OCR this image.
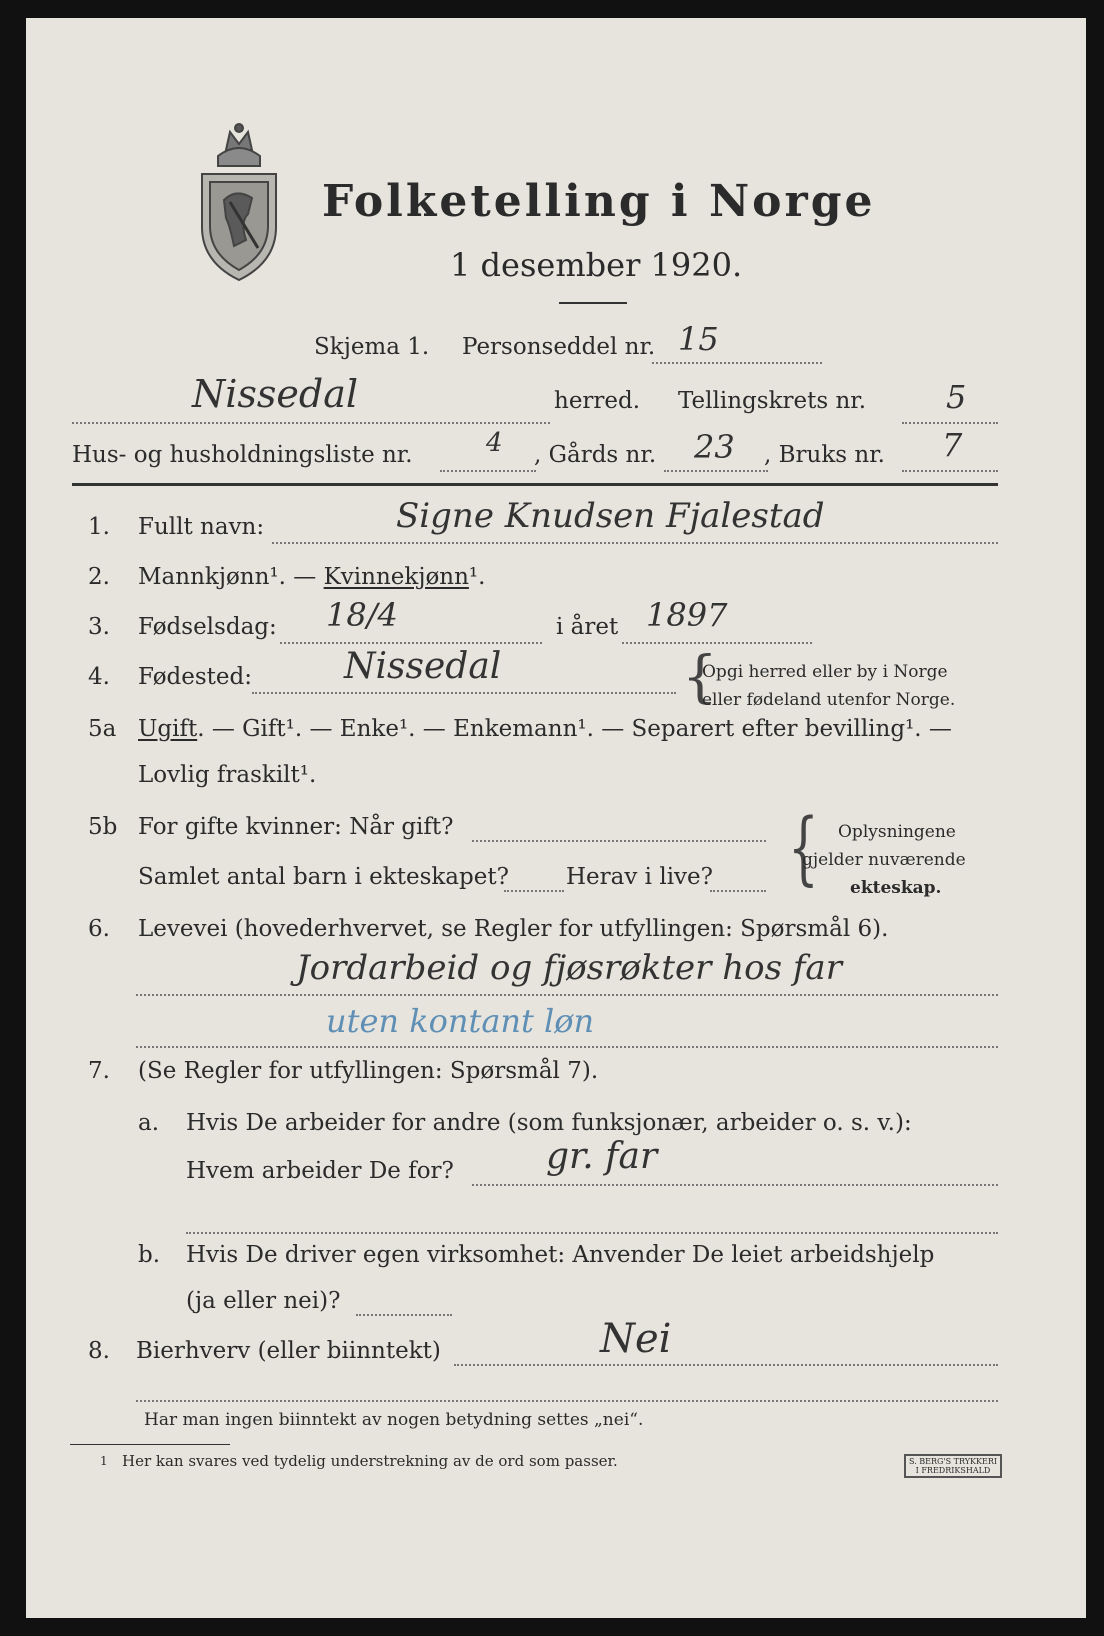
Folketelling i Norge
1 desember 1920.
Skjema 1. Personseddel nr. 15
Nissedal	herred. Tellingskrets nr. 5
Hus- og husholdningsliste nr.	4 , Gårds nr. 23 , Bruks nr. 7
1. Fullt navn:	Signe Knudsen Fjalestad
2. Mannkjønn¹. — Kvinnekjønn¹.
3. Fødselsdag: 18/4	i året 1897
4. Fødested:	Nissedal	{
Opgi herred eller by i Norge
eller fødeland utenfor Norge.
5a Ugift. — Gift¹. — Enke¹. — Enkemann¹. — Separert efter bevilling¹. —
Lovlig fraskilt¹.
5b For gifte kvinner: Når gift?
Samlet antal barn i ekteskapet? Herav i live? { Oplysningene
gjelder nuværende
ekteskap.
6. Levevei (hovederhvervet, se Regler for utfyllingen: Spørsmål 6).
Jordarbeid og fjøsrøkter hos far
uten kontant løn
7. (Se Regler for utfyllingen: Spørsmål 7).
a. Hvis De arbeider for andre (som funksjonær, arbeider o. s. v.):
Hvem arbeider De for?	gr. far
b. Hvis De driver egen virksomhet: Anvender De leiet arbeidshjelp
(ja eller nei)?
8. Bierhverv (eller biinntekt)	Nei
Har man ingen biinntekt av nogen betydning settes „nei“.
1 Her kan svares ved tydelig understrekning av de ord som passer.	S. BERG'S TRYKKERI
I FREDRIKSHALD
